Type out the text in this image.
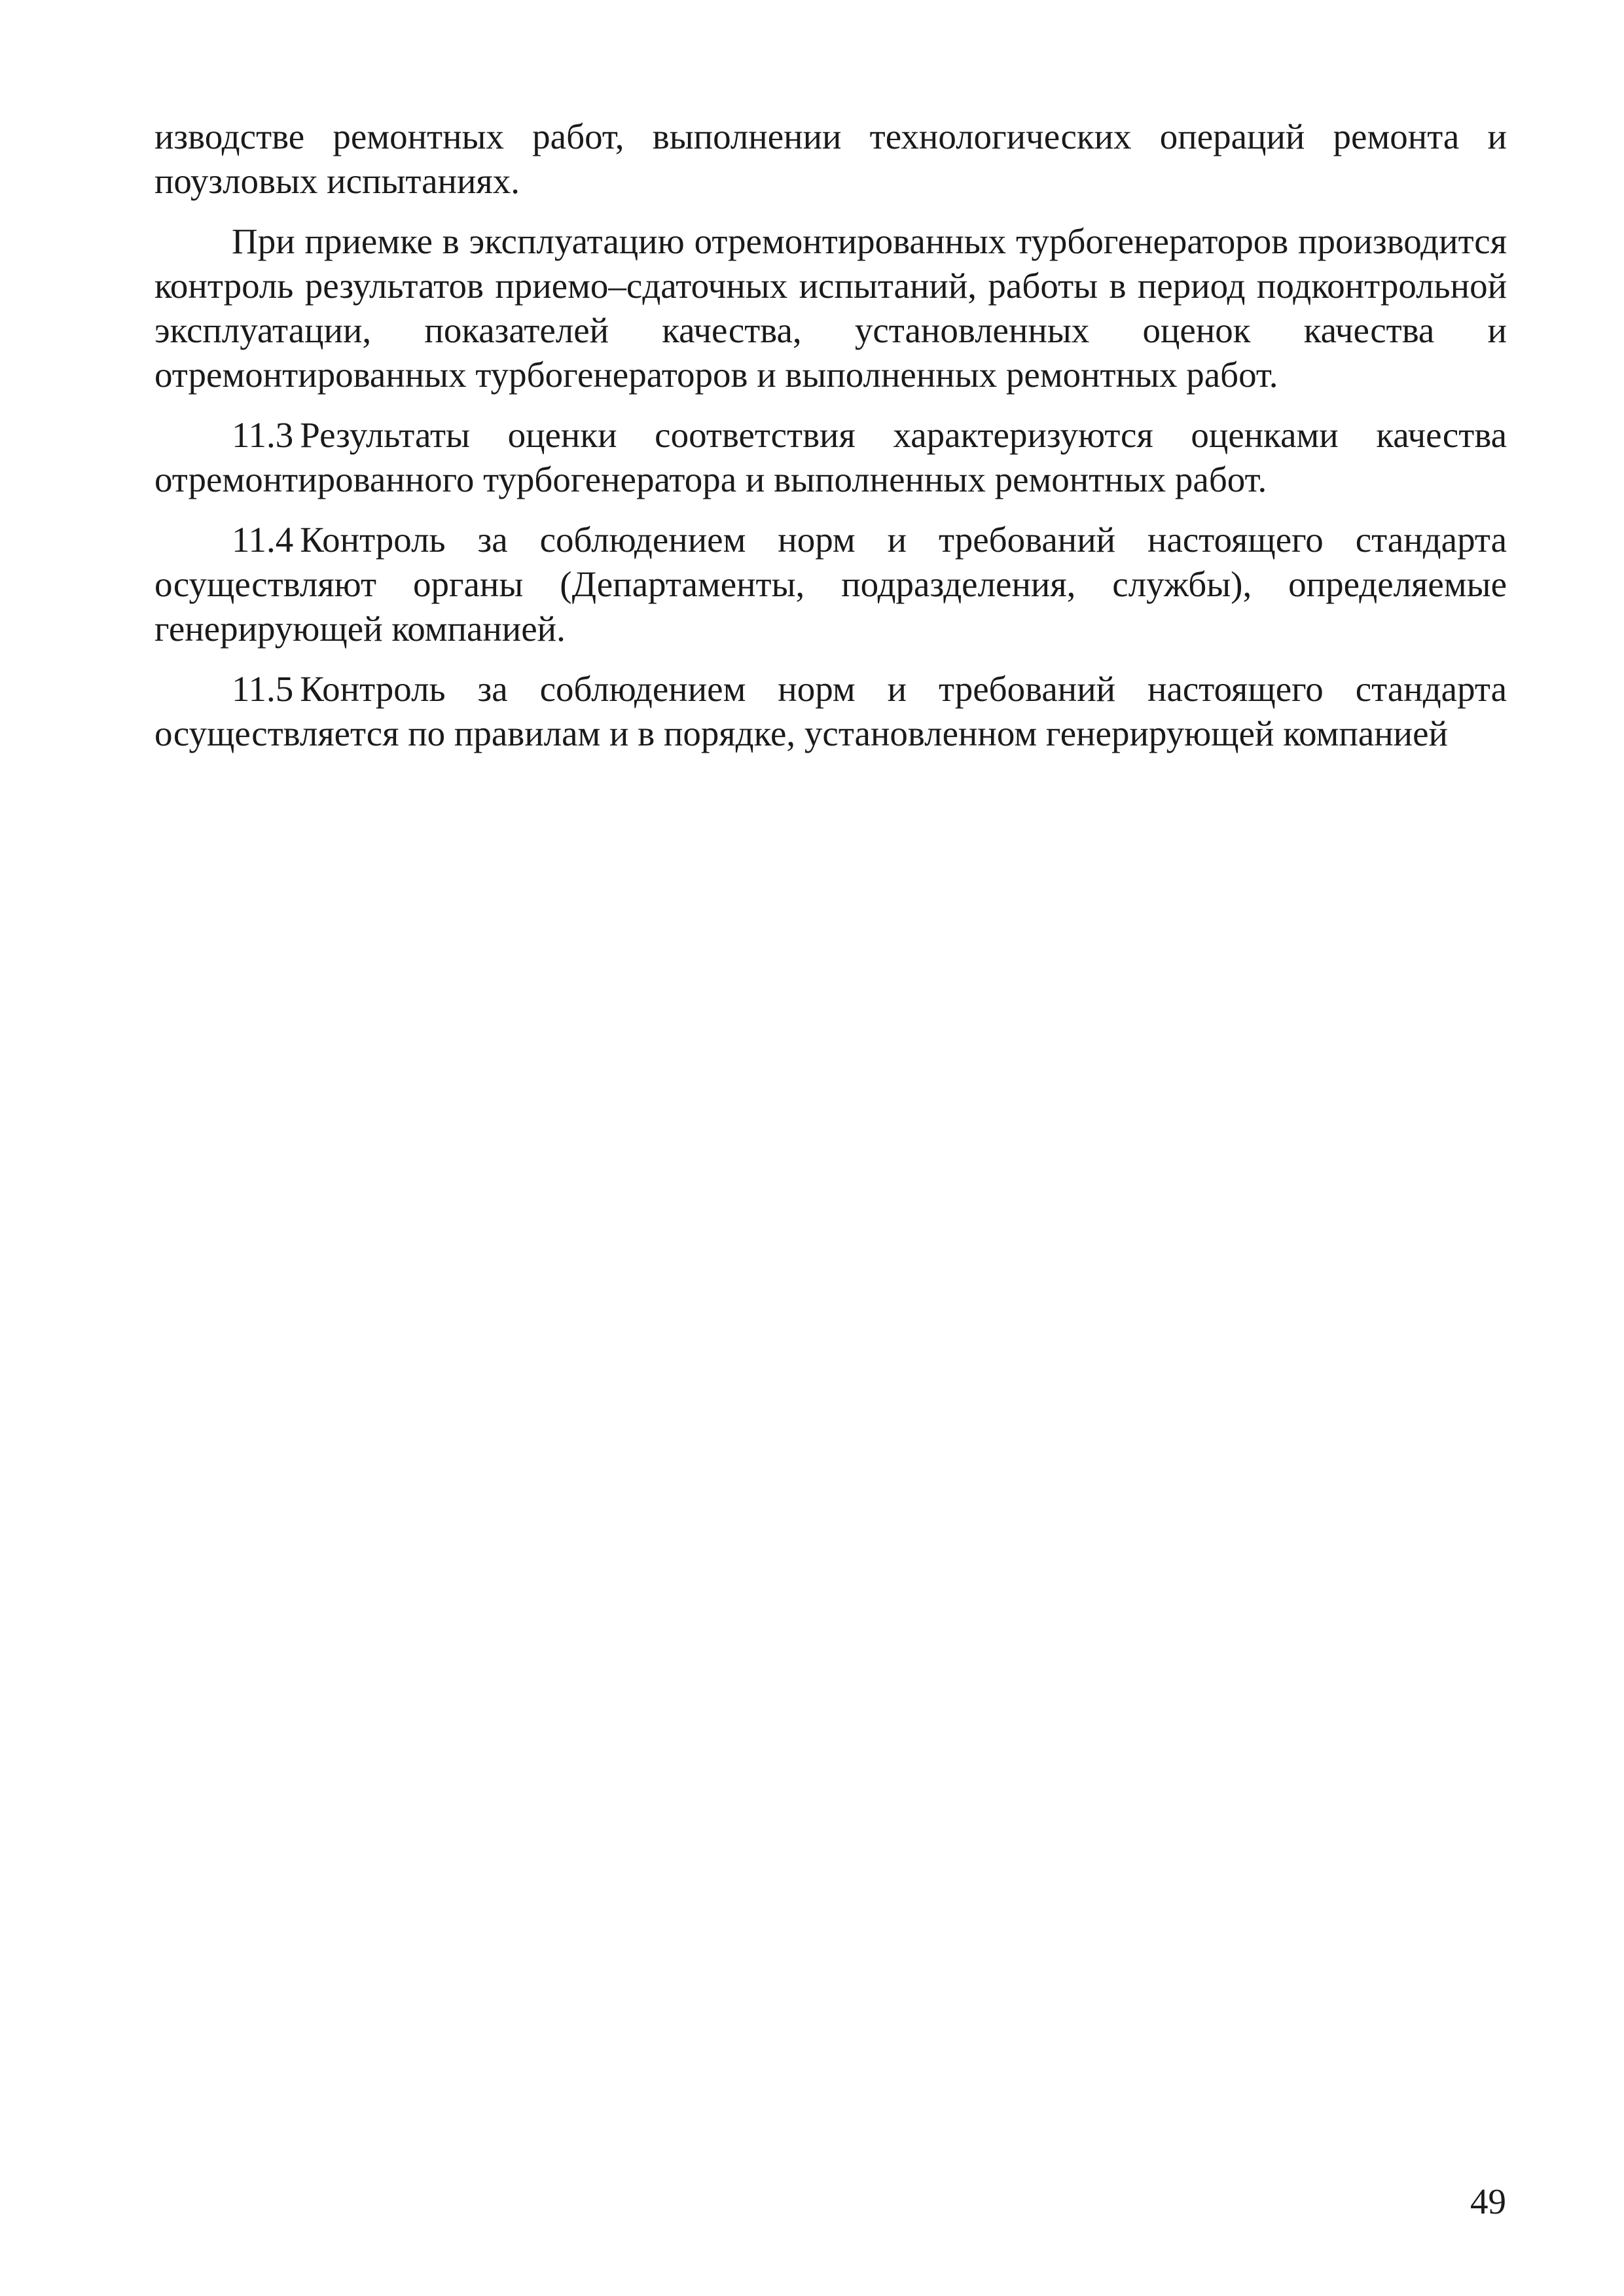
изводстве ремонтных работ, выполнении технологических операций ремонта и поузловых испытаниях.

При приемке в эксплуатацию отремонтированных турбогенераторов производится контроль результатов приемо–сдаточных испытаний, работы в период подконтрольной эксплуатации, показателей качества, установленных оценок качества и отремонтированных турбогенераторов и выполненных ремонтных работ.

11.3 Результаты оценки соответствия характеризуются оценками качества отремонтированного турбогенератора и выполненных ремонтных работ.

11.4 Контроль за соблюдением норм и требований настоящего стандарта осуществляют органы (Департаменты, подразделения, службы), определяемые генерирующей компанией.

11.5 Контроль за соблюдением норм и требований настоящего стандарта осуществляется по правилам и в порядке, установленном генерирующей компанией

49
